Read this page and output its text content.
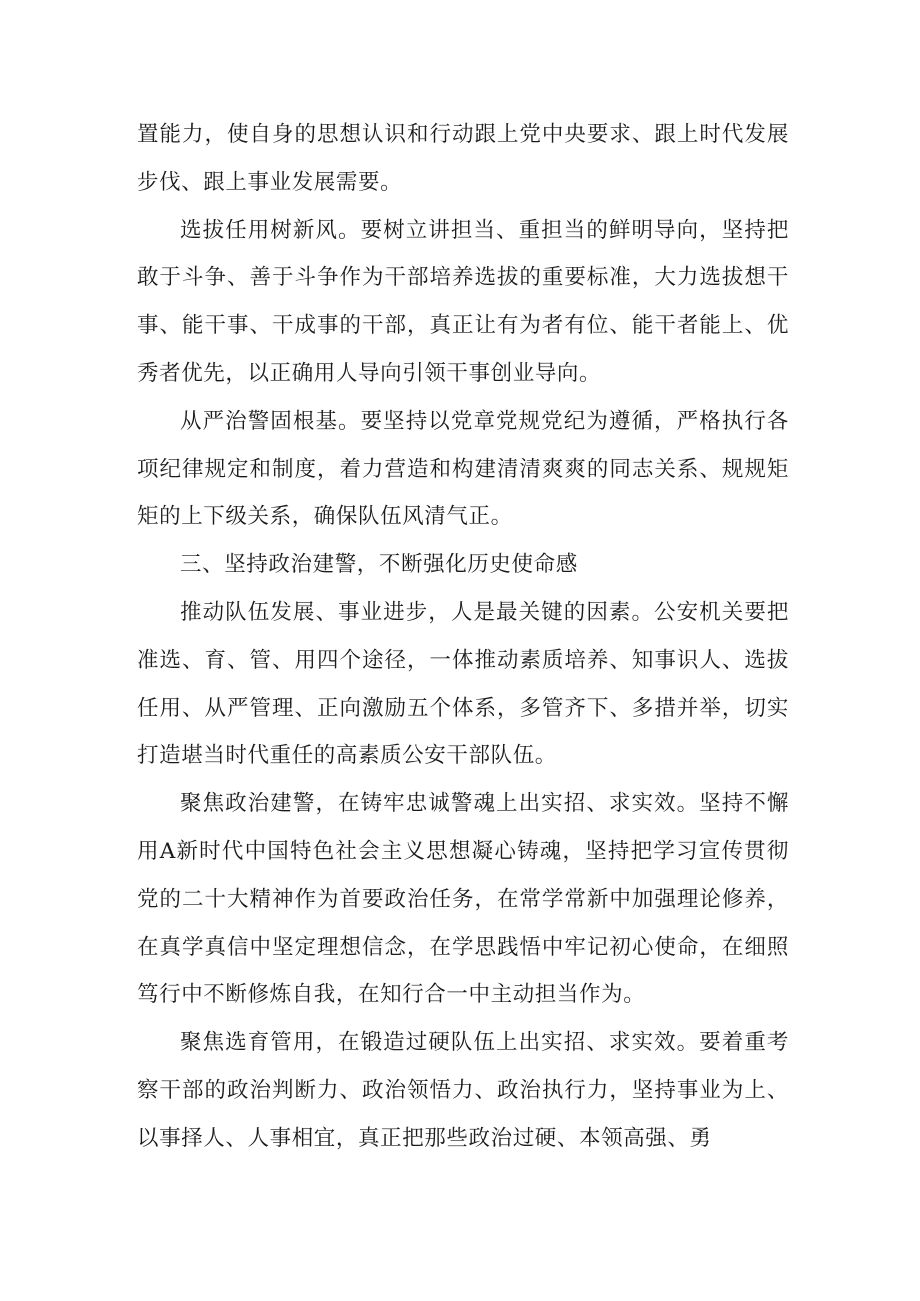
置能力，使自身的思想认识和行动跟上党中央要求、跟上时代发展步伐、跟上事业发展需要。

选拔任用树新风。要树立讲担当、重担当的鲜明导向，坚持把敢于斗争、善于斗争作为干部培养选拔的重要标准，大力选拔想干事、能干事、干成事的干部，真正让有为者有位、能干者能上、优秀者优先，以正确用人导向引领干事创业导向。

从严治警固根基。要坚持以党章党规党纪为遵循，严格执行各项纪律规定和制度，着力营造和构建清清爽爽的同志关系、规规矩矩的上下级关系，确保队伍风清气正。

三、坚持政治建警，不断强化历史使命感

推动队伍发展、事业进步，人是最关键的因素。公安机关要把准选、育、管、用四个途径，一体推动素质培养、知事识人、选拔任用、从严管理、正向激励五个体系，多管齐下、多措并举，切实打造堪当时代重任的高素质公安干部队伍。

聚焦政治建警，在铸牢忠诚警魂上出实招、求实效。坚持不懈用A新时代中国特色社会主义思想凝心铸魂，坚持把学习宣传贯彻党的二十大精神作为首要政治任务，在常学常新中加强理论修养，在真学真信中坚定理想信念，在学思践悟中牢记初心使命，在细照笃行中不断修炼自我，在知行合一中主动担当作为。

聚焦选育管用，在锻造过硬队伍上出实招、求实效。要着重考察干部的政治判断力、政治领悟力、政治执行力，坚持事业为上、以事择人、人事相宜，真正把那些政治过硬、本领高强、勇
